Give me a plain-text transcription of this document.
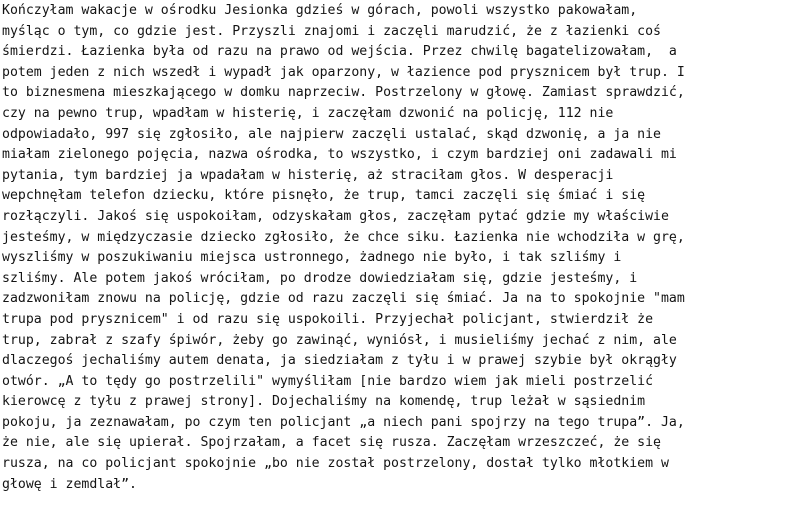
Kończyłam wakacje w ośrodku Jesionka gdzieś w górach, powoli wszystko pakowałam,
myśląc o tym, co gdzie jest. Przyszli znajomi i zaczęli marudzić, że z łazienki coś
śmierdzi. Łazienka była od razu na prawo od wejścia. Przez chwilę bagatelizowałam,  a
potem jeden z nich wszedł i wypadł jak oparzony, w łazience pod prysznicem był trup. I
to biznesmena mieszkającego w domku naprzeciw. Postrzelony w głowę. Zamiast sprawdzić,
czy na pewno trup, wpadłam w histerię, i zaczęłam dzwonić na policję, 112 nie
odpowiadało, 997 się zgłosiło, ale najpierw zaczęli ustalać, skąd dzwonię, a ja nie
miałam zielonego pojęcia, nazwa ośrodka, to wszystko, i czym bardziej oni zadawali mi
pytania, tym bardziej ja wpadałam w histerię, aż straciłam głos. W desperacji
wepchnęłam telefon dziecku, które pisnęło, że trup, tamci zaczęli się śmiać i się
rozłączyli. Jakoś się uspokoiłam, odzyskałam głos, zaczęłam pytać gdzie my właściwie
jesteśmy, w międzyczasie dziecko zgłosiło, że chce siku. Łazienka nie wchodziła w grę,
wyszliśmy w poszukiwaniu miejsca ustronnego, żadnego nie było, i tak szliśmy i
szliśmy. Ale potem jakoś wróciłam, po drodze dowiedziałam się, gdzie jesteśmy, i
zadzwoniłam znowu na policję, gdzie od razu zaczęli się śmiać. Ja na to spokojnie "mam
trupa pod prysznicem" i od razu się uspokoili. Przyjechał policjant, stwierdził że
trup, zabrał z szafy śpiwór, żeby go zawinąć, wyniósł, i musieliśmy jechać z nim, ale
dlaczegoś jechaliśmy autem denata, ja siedziałam z tyłu i w prawej szybie był okrągły
otwór. „A to tędy go postrzelili" wymyśliłam [nie bardzo wiem jak mieli postrzelić
kierowcę z tyłu z prawej strony]. Dojechaliśmy na komendę, trup leżał w sąsiednim
pokoju, ja zeznawałam, po czym ten policjant „a niech pani spojrzy na tego trupa”. Ja,
że nie, ale się upierał. Spojrzałam, a facet się rusza. Zaczęłam wrzeszczeć, że się
rusza, na co policjant spokojnie „bo nie został postrzelony, dostał tylko młotkiem w
głowę i zemdlał”.
